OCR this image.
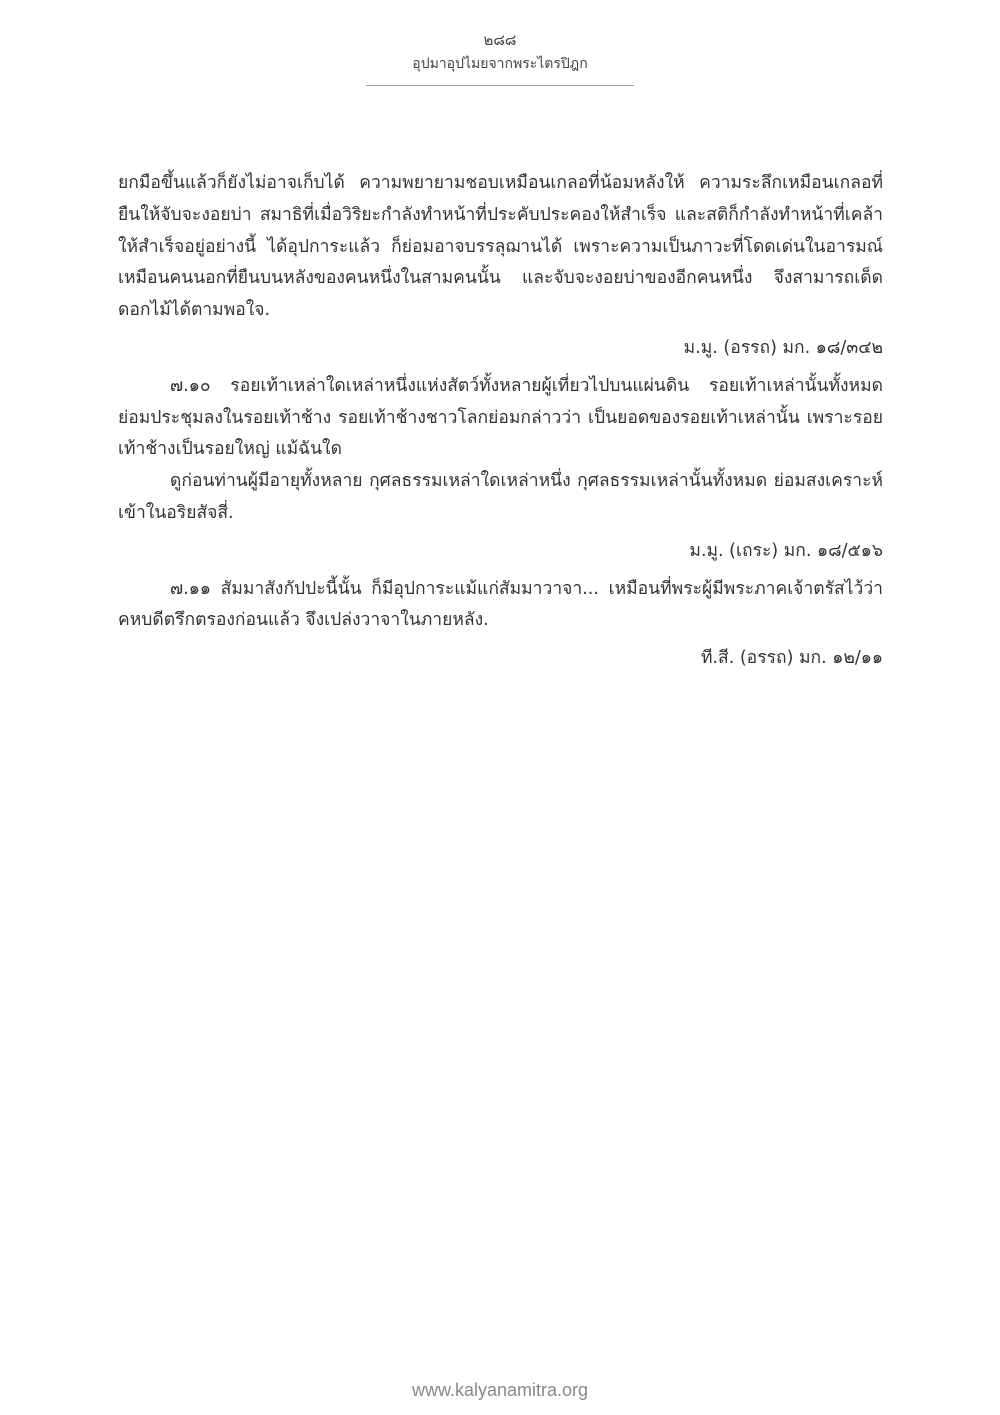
๒๘๘
อุปมาอุปไมยจากพระไตรปิฎก

ยกมือขึ้นแล้วก็ยังไม่อาจเก็บได้ ความพยายามชอบเหมือนเกลอที่น้อมหลังให้ ความระลึกเหมือนเกลอที่ยืนให้จับจะงอยบ่า สมาธิที่เมื่อวิริยะกำลังทำหน้าที่ประคับประคองให้สำเร็จ และสติก็กำลังทำหน้าที่เคล้าให้สำเร็จอยู่อย่างนี้ ได้อุปการะแล้ว ก็ย่อมอาจบรรลุฌานได้ เพราะความเป็นภาวะที่โดดเด่นในอารมณ์ เหมือนคนนอกที่ยืนบนหลังของคนหนึ่งในสามคนนั้น และจับจะงอยบ่าของอีกคนหนึ่ง จึงสามารถเด็ดดอกไม้ได้ตามพอใจ.

ม.มู. (อรรถ) มก. ๑๘/๓๔๒

๗.๑๐ รอยเท้าเหล่าใดเหล่าหนึ่งแห่งสัตว์ทั้งหลายผู้เที่ยวไปบนแผ่นดิน รอยเท้าเหล่านั้นทั้งหมดย่อมประชุมลงในรอยเท้าช้าง รอยเท้าช้างชาวโลกย่อมกล่าวว่า เป็นยอดของรอยเท้าเหล่านั้น เพราะรอยเท้าช้างเป็นรอยใหญ่ แม้ฉันใด

ดูก่อนท่านผู้มีอายุทั้งหลาย กุศลธรรมเหล่าใดเหล่าหนึ่ง กุศลธรรมเหล่านั้นทั้งหมด ย่อมสงเคราะห์เข้าในอริยสัจสี่.

ม.มู. (เถระ) มก. ๑๘/๕๑๖

๗.๑๑ สัมมาสังกัปปะนี้นั้น ก็มีอุปการะแม้แก่สัมมาวาจา... เหมือนที่พระผู้มีพระภาคเจ้าตรัสไว้ว่า คหบดีตรึกตรองก่อนแล้ว จึงเปล่งวาจาในภายหลัง.

ที.สี. (อรรถ) มก. ๑๒/๑๑

www.kalyanamitra.org
